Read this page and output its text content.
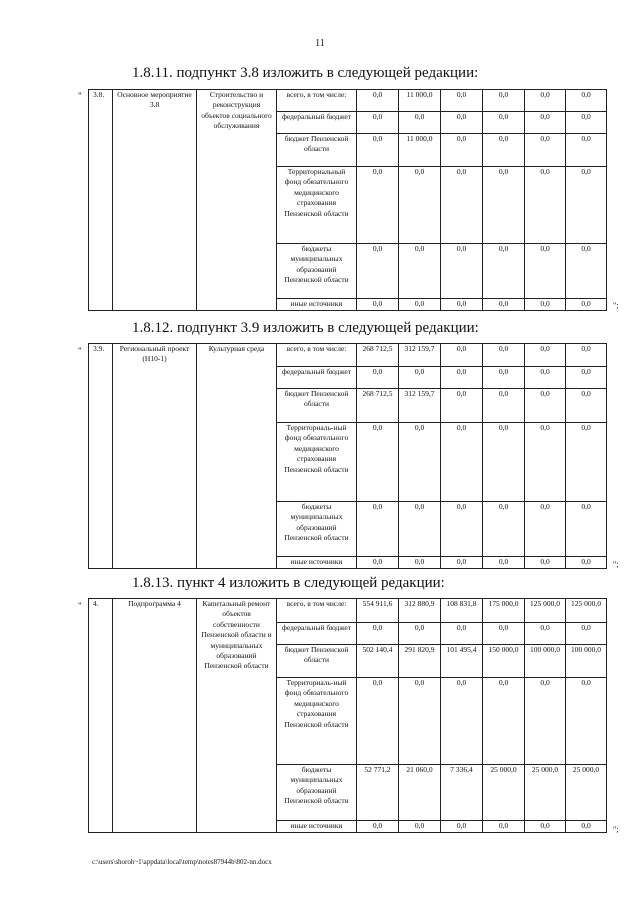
11
1.8.11. подпункт 3.8 изложить в следующей редакции:
" 3.8.	Основное мероприятие 3.8	Строительство и реконструкция объектов социального обслуживания	всего, в том числе:	0,0	11 000,0	0,0	0,0	0,0	0,0
			федеральный бюджет	0,0	0,0	0,0	0,0	0,0	0,0
			бюджет Пензенской области	0,0	11 000,0	0,0	0,0	0,0	0,0
			Территориальный фонд обязательного медицинского страхования Пензенской области	0,0	0,0	0,0	0,0	0,0	0,0
			бюджеты муниципальных образований Пензенской области	0,0	0,0	0,0	0,0	0,0	0,0
			иные источники	0,0	0,0	0,0	0,0	0,0	0,0	";
1.8.12. подпункт 3.9 изложить в следующей редакции:
" 3.9.	Региональный проект (Н10-1)	Культурная среда	всего, в том числе:	268 712,5	312 159,7	0,0	0,0	0,0	0,0
			федеральный бюджет	0,0	0,0	0,0	0,0	0,0	0,0
			бюджет Пензенской области	268 712,5	312 159,7	0,0	0,0	0,0	0,0
			Территориаль-ный фонд обязательного медицинского страхования Пензенской области	0,0	0,0	0,0	0,0	0,0	0,0
			бюджеты муниципальных образований Пензенской области	0,0	0,0	0,0	0,0	0,0	0,0
			иные источники	0,0	0,0	0,0	0,0	0,0	0,0	";
1.8.13. пункт 4 изложить в следующей редакции:
" 4.	Подпрограмма 4	Капитальный ремонт объектов собственности Пензенской области и муниципальных образований Пензенской области	всего, в том числе:	554 911,6	312 880,9	108 831,8	175 000,0	125 000,0	125 000,0
			федеральный бюджет	0,0	0,0	0,0	0,0	0,0	0,0
			бюджет Пензенской области	502 140,4	291 820,9	101 495,4	150 000,0	100 000,0	100 000,0
			Территориаль-ный фонд обязательного медицинского страхования Пензенской области	0,0	0,0	0,0	0,0	0,0	0,0
			бюджеты муниципальных образований Пензенской области	52 771,2	21 060,0	7 336,4	25 000,0	25 000,0	25 000,0
			иные источники	0,0	0,0	0,0	0,0	0,0	0,0	";
c:\users\shoroh~1\appdata\local\temp\notes87944b\802-nn.docx
